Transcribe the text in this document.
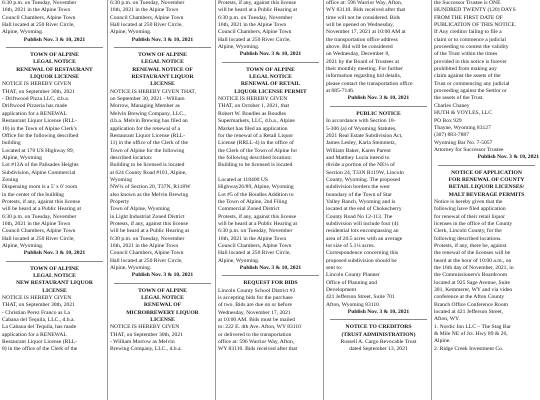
6:30 p.m. on Tuesday, November
16th, 2021 in the Alpine Town
Council Chambers, Alpine Town
Hall located at 250 River Circle,
Alpine, Wyoming.
Publish Nov. 3 & 10, 2021
TOWN OF ALPINE
LEGAL NOTICE
RENEWAL OF RESTAURANT
LIQUOR LICENSE
NOTICE IS HEREBY GIVEN
THAT, on September 30th, 2021
- Driftwood Pizza LLC, d.b.a.
Driftwood Pizzeria has made
application for a RENEWAL
Restaurant Liquor License (RLL-
10) in the Town of Alpine Clerk's
Office for the following described
building
Located at 170 US Highway 89,
Alpine, Wyoming
Lot #13A of the Palisades Heights
Subdivision, Alpine Commercial
Zoning
Dispensing room is a 5' x 6' room
in the center of the building
Protests, if any, against this license
will be heard at a Public Hearing at
6:30 p.m. on Tuesday, November
16th, 2021 in the Alpine Town
Council Chambers, Alpine Town
Hall located at 250 River Circle,
Alpine, Wyoming.
Publish Nov. 3 & 10, 2021
TOWN OF ALPINE
LEGAL NOTICE
NEW RESTAURANT LIQUOR
LICENSE
NOTICE IS HEREBY GIVEN
THAT, on September 30th, 2021
- Christian Perez Franco as La
Cabana del Tequila, LLC., d.b.a.
La Cabana del Tequila, has made
application for a RENEWAL
Restaurant Liquor License (RLL-
8) in the office of the Clerk of the
6:30 p.m. on Tuesday, November
16th, 2021 in the Alpine Town
Council Chambers, Alpine Town
Hall located at 250 River Circle,
Alpine, Wyoming.
Publish Nov. 3 & 10, 2021
TOWN OF ALPINE
LEGAL NOTICE
RENEWAL NOTICE OF
RESTAURANT LIQUOR
LICENSE
NOTICE IS HEREBY GIVEN THAT,
on September 30, 2021 - William
Morrow, Managing Member as
Melvin Brewing Company, LLC.,
d.b.a. Melvin Brewing has filed an
application for the renewal of a
Restaurant Liquor License (RLL-
11) in the office of the Clerk of the
Town of Alpine for the following
described location:
Building to be licensed is located
at 624 County Road #101, Alpine,
Wyoming
NW¼ of Section 20, T37N, R118W
also known as the Melvin Brewing
Property
Town of Alpine, Wyoming
in Light Industrial Zoned District
Protests, if any, against this license
will be heard at a Public Hearing at
6:30 p.m. on Tuesday, November
16th, 2021 in the Alpine Town
Council Chambers, Alpine Town
Hall located at 250 River Circle,
Alpine, Wyoming.
Publish Nov. 3 & 10, 2021
TOWN OF ALPINE
LEGAL NOTICE
RENEWAL OF
MICROBREWERY LIQUOR
LICENSE
NOTICE IS HEREBY GIVEN
THAT, on September 30th, 2021
- William Morrow as Melvin
Brewing Company, LLC., d.b.a.
Protests, if any, against this license
will be heard at a Public Hearing at
6:30 p.m. on Tuesday, November
16th, 2021 in the Alpine Town
Council Chambers, Alpine Town
Hall located at 250 River Circle,
Alpine, Wyoming.
Publish Nov. 3 & 10, 2021
TOWN OF ALPINE
LEGAL NOTICE
RENEWAL OF RETAIL
LIQUOR LICENSE PERMIT
NOTICE IS HEREBY GIVEN
THAT, on October 1, 2021, that
Robert W. Boudles as Boudles
Supermarkets, LLC, d.b.a., Alpine
Market has filed an application
for the renewal of a Retail Liquor
License (RRLL-4) in the office of
the Clerk of the Town of Alpine for
the following described location:
Building to be licensed is located

Located at 118400 US
Highway26/89, Alpine, Wyoming
Lot #5 of the Boudles Addition to
the Town of Alpine, 2nd Filing
Commercial Zoned District
Protests, if any, against this license
will be heard at a Public Hearing at
6:30 p.m. on Tuesday, November
16th, 2021 in the Alpine Town
Council Chambers, Alpine Town
Hall located at 250 River Circle,
Alpine, Wyoming.
Publish Nov. 3 & 10, 2021
REQUEST FOR BIDS
Lincoln County School District #2
is accepting bids for the purchase
of two. Bids are due on or before
Wednesday, November 17, 2021
at 10:00 AM. Bids must be mailed
to: 222 E. 4th Ave. Afton, WY 83110
or delivered to the transportation
office at: 596 Warrior Way, Afton,
WY 83110. Bids received after that
office at: 596 Warrior Way, Afton,
WY 83110. Bids received after that
time will not be considered. Bids
will be opened on Wednesday,
November 17, 2021 at 10:00 AM at
the transportation office address
above. Bid will be considered
on Wednesday, December 8,
2021 by the Board of Trustees at
their monthly meeting. For further
information regarding bid details,
please contact the transportation office
at 885-7146.
Publish Nov. 3 & 10, 2021
PUBLIC NOTICE
In accordance with Section 18-
5-306 (a) of Wyoming Statutes,
2021 Real Estate Subdivision Act,
James Lesley, Karla Steinmetz,
William Baker, Karen Parent
and Matthey Lucia intend to
divide a portion of the NE¼ of
Section 24, T33N R119W, Lincoln
County, Wyoming. The proposed
subdivision borders the west
boundary of the Town of Star
Valley Ranch, Wyoming and is
located at the end of Chokecherry
County Road No 12-113. The
subdivision will include four (4)
residential lots encompassing an
area of 20.5 acres with an average
lot size of 5.1¼ acres.
Correspondence concerning this
proposed subdivision should be
sent to:
Lincoln County Planner
Office of Planning and
Development
421 Jefferson Street, Suite 701
Afton, Wyoming 83110
Publish Nov. 3 & 10, 2021
NOTICE TO CREDITORS
(TRUST ADMINISTRATION)
Russell A. Cargo Revocable Trust
dated September 13, 2021
the Successor Trustee is ONE
HUNDRED TWENTY (120) DAYS
FROM THE FIRST DATE OF
PUBLICATION OF THIS NOTICE.
If Any creditor failing to file a
claim or to commence a judicial
proceeding to contest the validity
of the Trust within the times
provided in this notice is forever
prohibited from making any
claim against the assets of the
Trust or commencing any judicial
proceeding against the Settlor or
the assets of the Trust.
Charles Chaney
HUTH & VOYLES, LLC
PO Box 929
Thayne, Wyoming 83127
(307) 883-7887
Wyoming Bar No. 7-5057
Attorney for Successor Trustee
Publish Nov. 3 & 10, 2021
NOTICE OF APPLICATION
FOR RENEWAL OF COUNTY
RETAIL LIQUOR LICENSES/
MALT BEVERAGE PERMITS
Notice is hereby given that the
following have filed application
for renewal of their retail liquor
licenses in the office of the County
Clerk, Lincoln County, for the
following described locations.
Protests, if any, there be, against
the renewal of the licenses will be
heard at the hour of 10:00 a.m., on
the 16th day of November, 2021, in
the Commissioners's Boardroom
located at 925 Sage Avenue, Suite
301, Kemmerer, WY and via video
conference at the Afton County
Branch Office Conference Room
located at 421 Jefferson Street,
Afton, WY.
1. Nordic Inn LLC – The Stag Bar
& Mile NE of Jct. Hwy 89 & 26,
Alpine.
2. Ridge Creek Investment Co.
